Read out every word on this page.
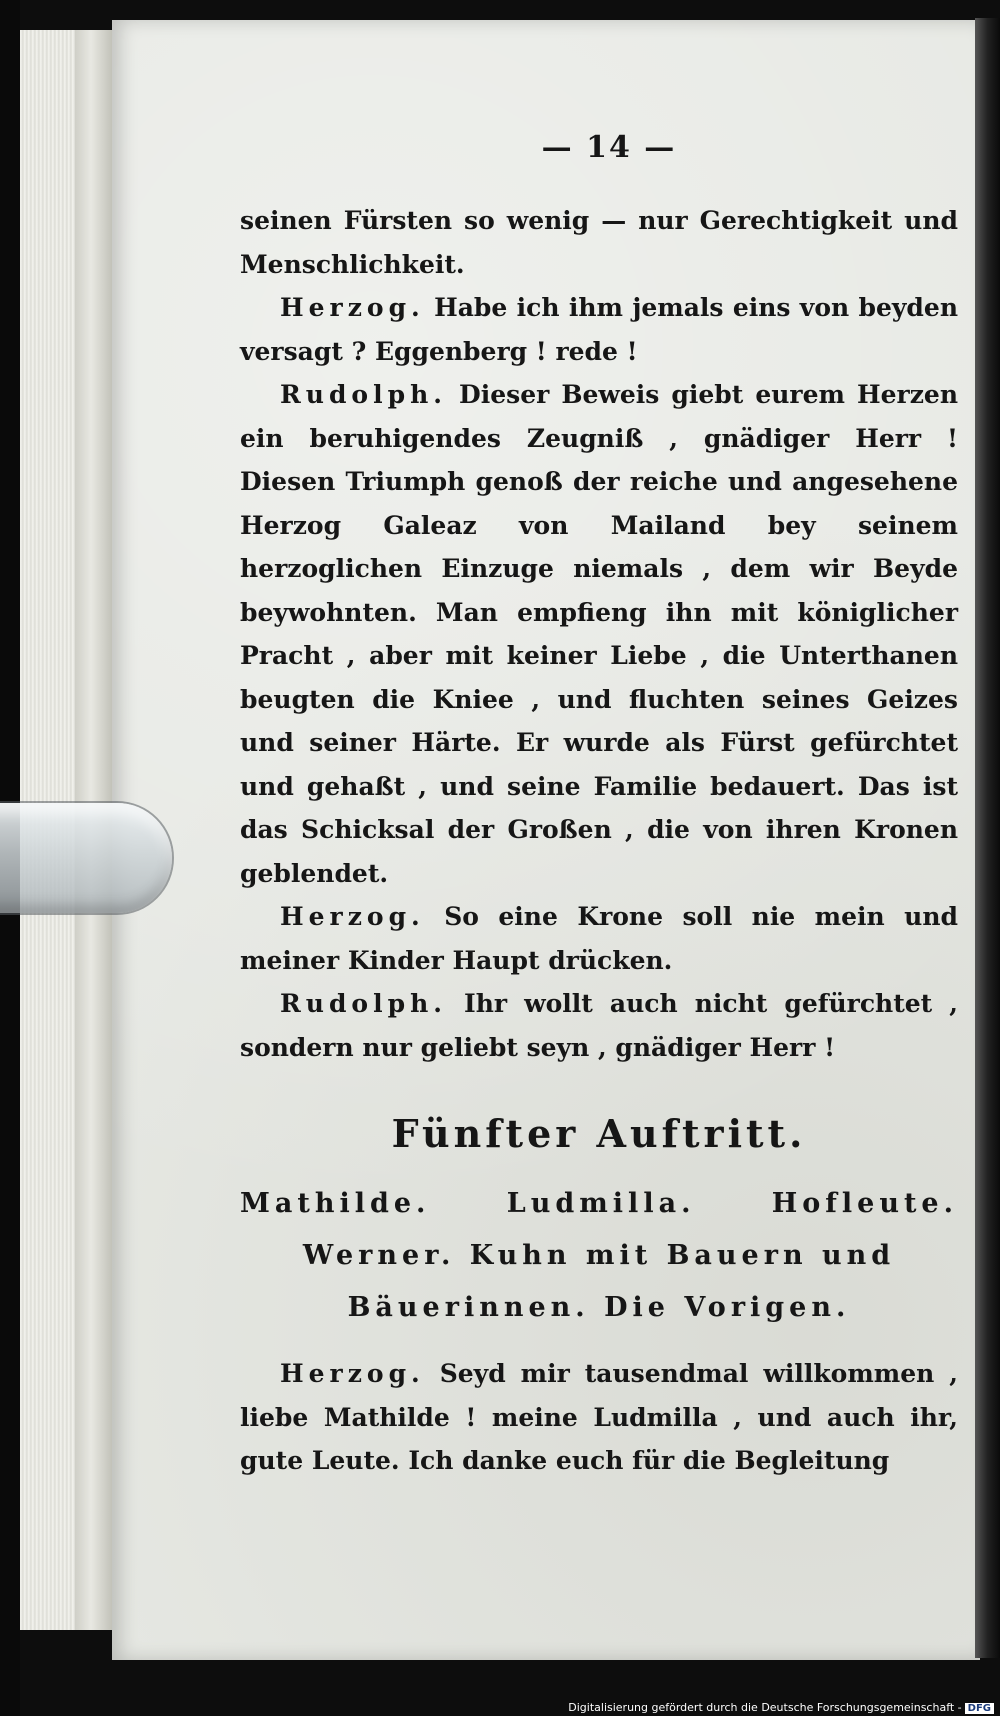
— 14 —

seinen Fürsten so wenig — nur Gerechtigkeit und Menschlichkeit.

Herzog. Habe ich ihm jemals eins von beyden versagt ? Eggenberg ! rede !

Rudolph. Dieser Beweis giebt eurem Herzen ein beruhigendes Zeugniß , gnädiger Herr ! Diesen Triumph genoß der reiche und angesehene Herzog Galeaz von Mailand bey seinem herzoglichen Einzuge niemals , dem wir Beyde beywohnten. Man empfieng ihn mit königlicher Pracht , aber mit keiner Liebe , die Unterthanen beugten die Kniee , und fluchten seines Geizes und seiner Härte. Er wurde als Fürst gefürchtet und gehaßt , und seine Familie bedauert. Das ist das Schicksal der Großen , die von ihren Kronen geblendet.

Herzog. So eine Krone soll nie mein und meiner Kinder Haupt drücken.

Rudolph. Ihr wollt auch nicht gefürchtet , sondern nur geliebt seyn , gnädiger Herr !

Fünfter Auftritt.
Mathilde. Ludmilla. Hofleute.
Werner. Kuhn mit Bauern und
Bäuerinnen. Die Vorigen.

Herzog. Seyd mir tausendmal willkommen , liebe Mathilde ! meine Ludmilla , und auch ihr, gute Leute. Ich danke euch für die Begleitung

Digitalisierung gefördert durch die Deutsche Forschungsgemeinschaft - DFG
